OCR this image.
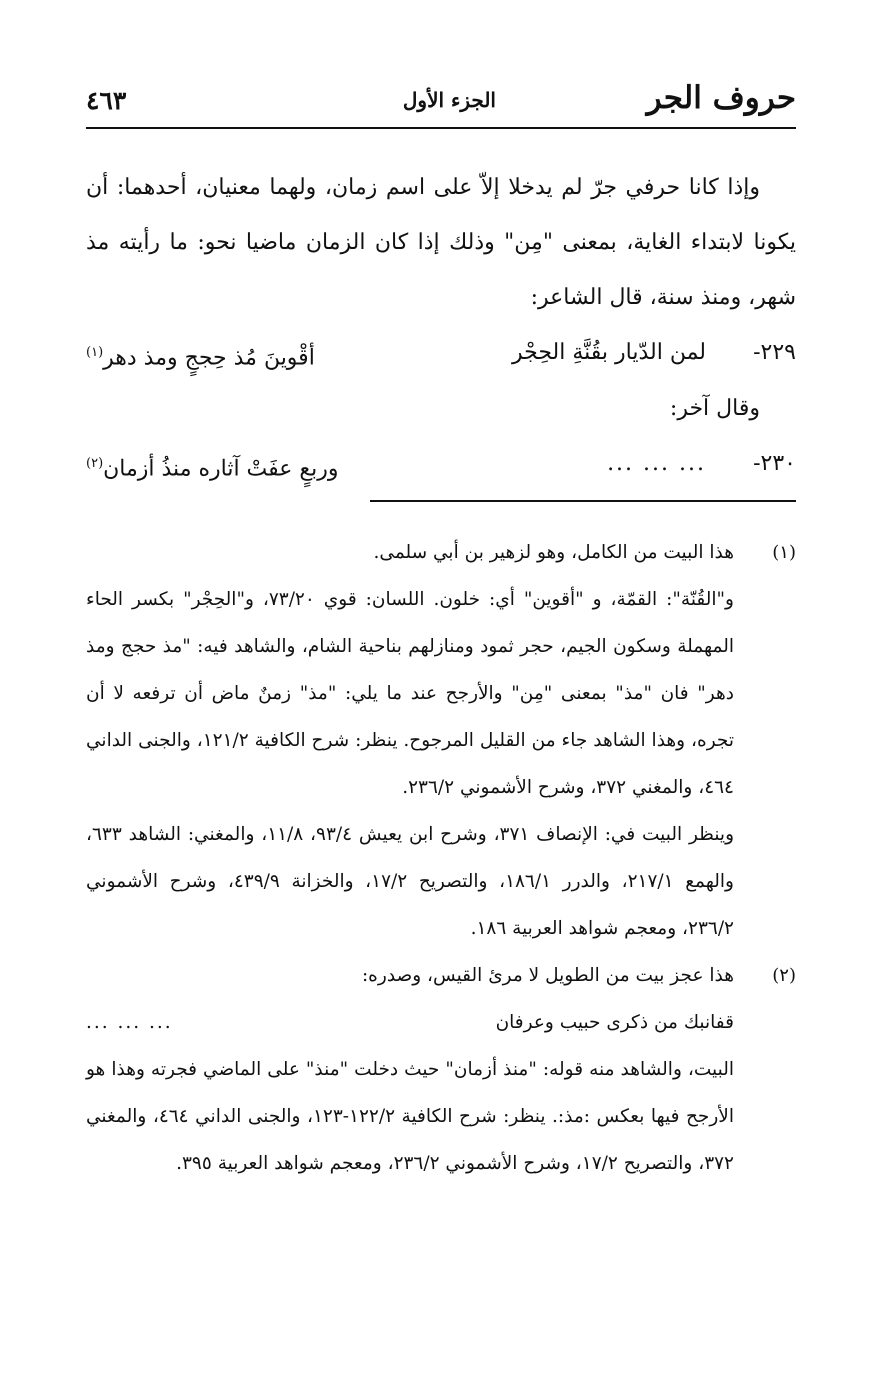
حروف الجر
الجزء الأول
٤٦٣

وإذا كانا حرفي جرّ لم يدخلا إلاّ على اسم زمان، ولهما معنيان، أحدهما: أن يكونا لابتداء الغاية، بمعنى "مِن" وذلك إذا كان الزمان ماضيا نحو: ما رأيته مذ شهر، ومنذ سنة، قال الشاعر:

٢٢٩-
لمن الدّيار بقُنَّةِ الحِجْر
أقْوينَ مُذ حِججٍ ومذ دهر$^{(١)}$

وقال آخر:

٢٣٠-
... ... ...
وربعٍ عفَتْ آثاره منذُ أزمان$^{(٢)}$
(١)

هذا البيت من الكامل، وهو لزهير بن أبي سلمى.

و"القُنّة": القمّة، و "أقوين" أي: خلون. اللسان: قوي ٧٣/٢٠، و"الحِجْر" بكسر الحاء المهملة وسكون الجيم، حجر ثمود ومنازلهم بناحية الشام، والشاهد فيه: "مذ حجج ومذ دهر" فان "مذ" بمعنى "مِن" والأرجح عند ما يلي: "مذ" زمنٌ ماض أن ترفعه لا أن تجره، وهذا الشاهد جاء من القليل المرجوح. ينظر: شرح الكافية ١٢١/٢، والجنى الداني ٤٦٤، والمغني ٣٧٢، وشرح الأشموني ٢٣٦/٢.

وينظر البيت في: الإنصاف ٣٧١، وشرح ابن يعيش ٩٣/٤، ١١/٨، والمغني: الشاهد ٦٣٣، والهمع ٢١٧/١، والدرر ١٨٦/١، والتصريح ١٧/٢، والخزانة ٤٣٩/٩، وشرح الأشموني ٢٣٦/٢، ومعجم شواهد العربية ١٨٦.

(٢)

هذا عجز بيت من الطويل لا مرئ القيس، وصدره:

قفانبك من ذكرى حبيب وعرفان
... ... ...

البيت، والشاهد منه قوله: "منذ أزمان" حيث دخلت "منذ" على الماضي فجرته وهذا هو الأرجح فيها بعكس :مذ:. ينظر: شرح الكافية ١٢٢/٢-١٢٣، والجنى الداني ٤٦٤، والمغني ٣٧٢، والتصريح ١٧/٢، وشرح الأشموني ٢٣٦/٢، ومعجم شواهد العربية ٣٩٥.
